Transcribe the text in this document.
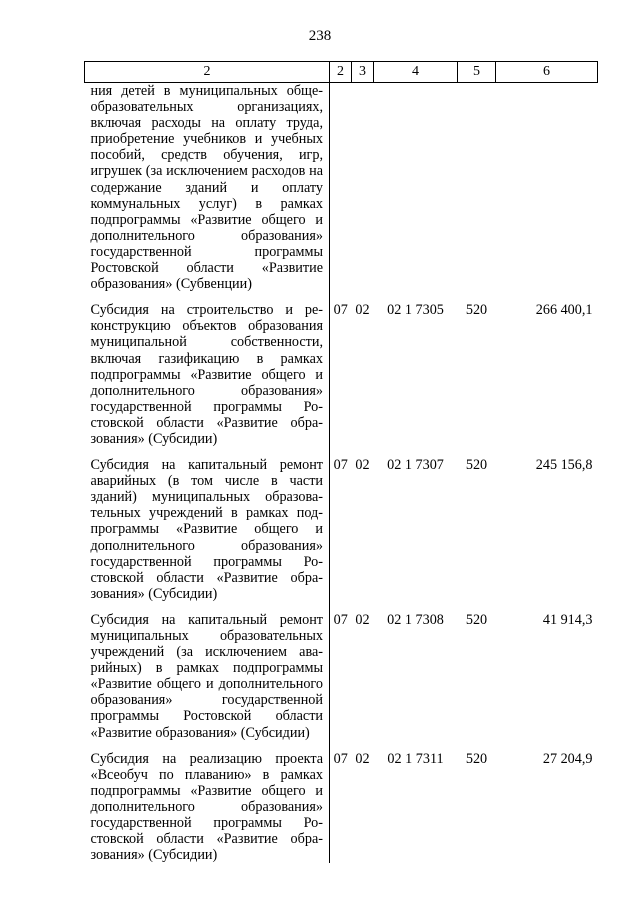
238
2	2	3	4	5	6
ния детей в муниципальных общеобразовательных организациях, включая расходы на оплату труда, приобретение учебников и учебных пособий, средств обучения, игр, игрушек (за исключением расходов на содержание зданий и оплату коммунальных услуг) в рамках подпрограммы «Развитие общего и дополнительного образования» государственной программы Ростовской области «Развитие образования» (Субвенции)					

Субсидия на строительство и реконструкцию объектов образования муниципальной собственности, включая газификацию в рамках подпрограммы «Развитие общего и дополнительного образования» государственной программы Ростовской области «Развитие образования» (Субсидии)	07	02	02 1 7305	520	266 400,1

Субсидия на капитальный ремонт аварийных (в том числе в части зданий) муниципальных образовательных учреждений в рамках подпрограммы «Развитие общего и дополнительного образования» государственной программы Ростовской области «Развитие образования» (Субсидии)	07	02	02 1 7307	520	245 156,8

Субсидия на капитальный ремонт муниципальных образовательных учреждений (за исключением аварийных) в рамках подпрограммы «Развитие общего и дополнительного образования» государственной программы Ростовской области «Развитие образования» (Субсидии)	07	02	02 1 7308	520	41 914,3

Субсидия на реализацию проекта «Всеобуч по плаванию» в рамках подпрограммы «Развитие общего и дополнительного образования» государственной программы Ростовской области «Развитие образования» (Субсидии)	07	02	02 1 7311	520	27 204,9
